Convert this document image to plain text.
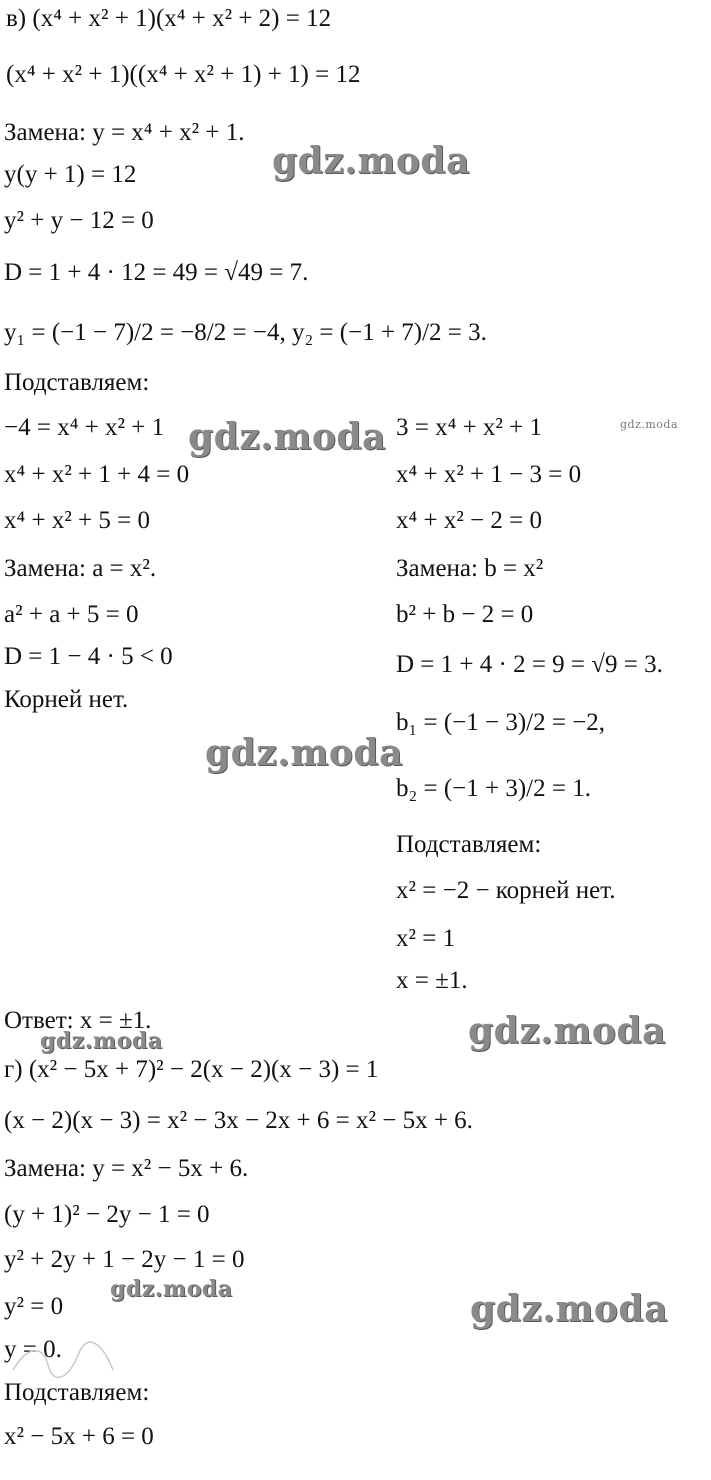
в) (x⁴ + x² + 1)(x⁴ + x² + 2) = 12
(x⁴ + x² + 1)((x⁴ + x² + 1) + 1) = 12
Замена: y = x⁴ + x² + 1.
y(y + 1) = 12
y² + y − 12 = 0
D = 1 + 4 · 12 = 49 = √49 = 7.
y₁ = (−1 − 7)/2 = −8/2 = −4, y₂ = (−1 + 7)/2 = 3.
Подставляем:
−4 = x⁴ + x² + 1
x⁴ + x² + 1 + 4 = 0
x⁴ + x² + 5 = 0
Замена: a = x².
a² + a + 5 = 0
D = 1 − 4 · 5 < 0
Корней нет.
3 = x⁴ + x² + 1
x⁴ + x² + 1 − 3 = 0
x⁴ + x² − 2 = 0
Замена: b = x²
b² + b − 2 = 0
D = 1 + 4 · 2 = 9 = √9 = 3.
b₁ = (−1 − 3)/2 = −2,
b₂ = (−1 + 3)/2 = 1.
Подставляем:
x² = −2 − корней нет.
x² = 1
x = ±1.
Ответ: x = ±1.
г) (x² − 5x + 7)² − 2(x − 2)(x − 3) = 1
(x − 2)(x − 3) = x² − 3x − 2x + 6 = x² − 5x + 6.
Замена: y = x² − 5x + 6.
(y + 1)² − 2y − 1 = 0
y² + 2y + 1 − 2y − 1 = 0
y² = 0
y = 0.
Подставляем:
x² − 5x + 6 = 0
gdz.moda
gdz.moda	gdz.moda
gdz.moda
gdz.moda
gdz.moda
gdz.moda	gdz.moda
